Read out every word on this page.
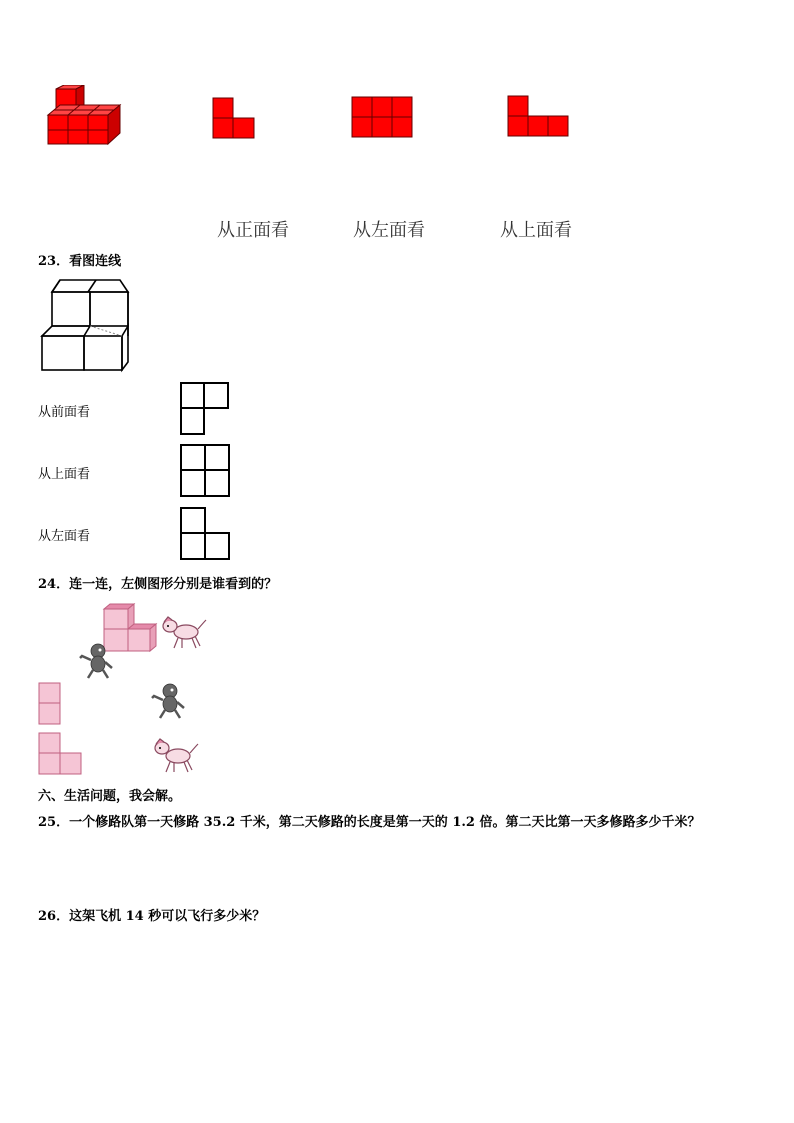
从正面看	从左面看	从上面看
23．看图连线
从前面看
从上面看
从左面看
24．连一连，左侧图形分别是谁看到的？
六、生活问题，我会解。
25．一个修路队第一天修路 35.2 千米，第二天修路的长度是第一天的 1.2 倍。第二天比第一天多修路多少千米？
26．这架飞机 14 秒可以飞行多少米？
